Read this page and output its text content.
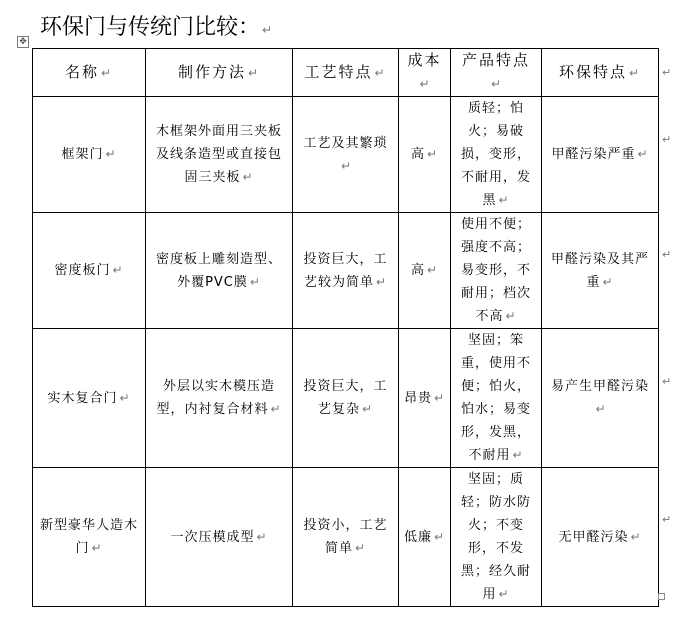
环保门与传统门比较： ↵
✥
名称 ↵	制作方法 ↵	工艺特点 ↵	成本↵	产品特点↵	环保特点 ↵
框架门 ↵	木框架外面用三夹板及线条造型或直接包固三夹板 ↵	工艺及其繁琐↵	高 ↵	质轻；怕火；易破损，变形，不耐用，发黑 ↵	甲醛污染严重 ↵
密度板门 ↵	密度板上雕刻造型、外覆PVC膜 ↵	投资巨大，工艺较为简单 ↵	高 ↵	使用不便；强度不高；易变形，不耐用；档次不高 ↵	甲醛污染及其严重 ↵
实木复合门 ↵	外层以实木模压造型，内衬复合材料 ↵	投资巨大，工艺复杂 ↵	昂贵 ↵	坚固；笨重，使用不便；怕火，怕水；易变形，发黑，不耐用 ↵	易产生甲醛污染↵
新型豪华人造木门 ↵	一次压模成型 ↵	投资小，工艺简单 ↵	低廉 ↵	坚固；质轻；防水防火；不变形，不发黑；经久耐用 ↵	无甲醛污染 ↵
↵
↵
↵
↵
↵
